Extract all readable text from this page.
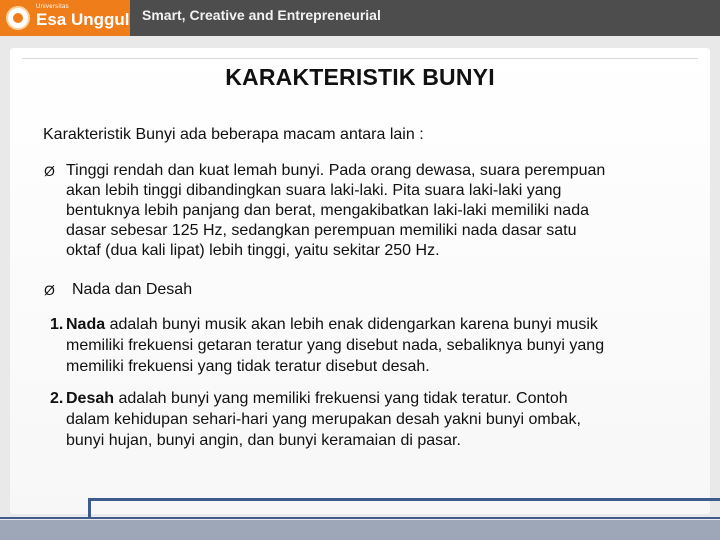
Universitas
Esa Unggul Smart, Creative and Entrepreneurial
KARAKTERISTIK BUNYI
Karakteristik Bunyi ada beberapa macam antara lain :
Ø Tinggi rendah dan kuat lemah bunyi. Pada orang dewasa, suara perempuan
akan lebih tinggi dibandingkan suara laki-laki. Pita suara laki-laki yang
bentuknya lebih panjang dan berat, mengakibatkan laki-laki memiliki nada
dasar sebesar 125 Hz, sedangkan perempuan memiliki nada dasar satu
oktaf (dua kali lipat) lebih tinggi, yaitu sekitar 250 Hz.
Ø Nada dan Desah
1. Nada adalah bunyi musik akan lebih enak didengarkan karena bunyi musik
memiliki frekuensi getaran teratur yang disebut nada, sebaliknya bunyi yang
memiliki frekuensi yang tidak teratur disebut desah.
2. Desah adalah bunyi yang memiliki frekuensi yang tidak teratur. Contoh
dalam kehidupan sehari-hari yang merupakan desah yakni bunyi ombak,
bunyi hujan, bunyi angin, dan bunyi keramaian di pasar.
